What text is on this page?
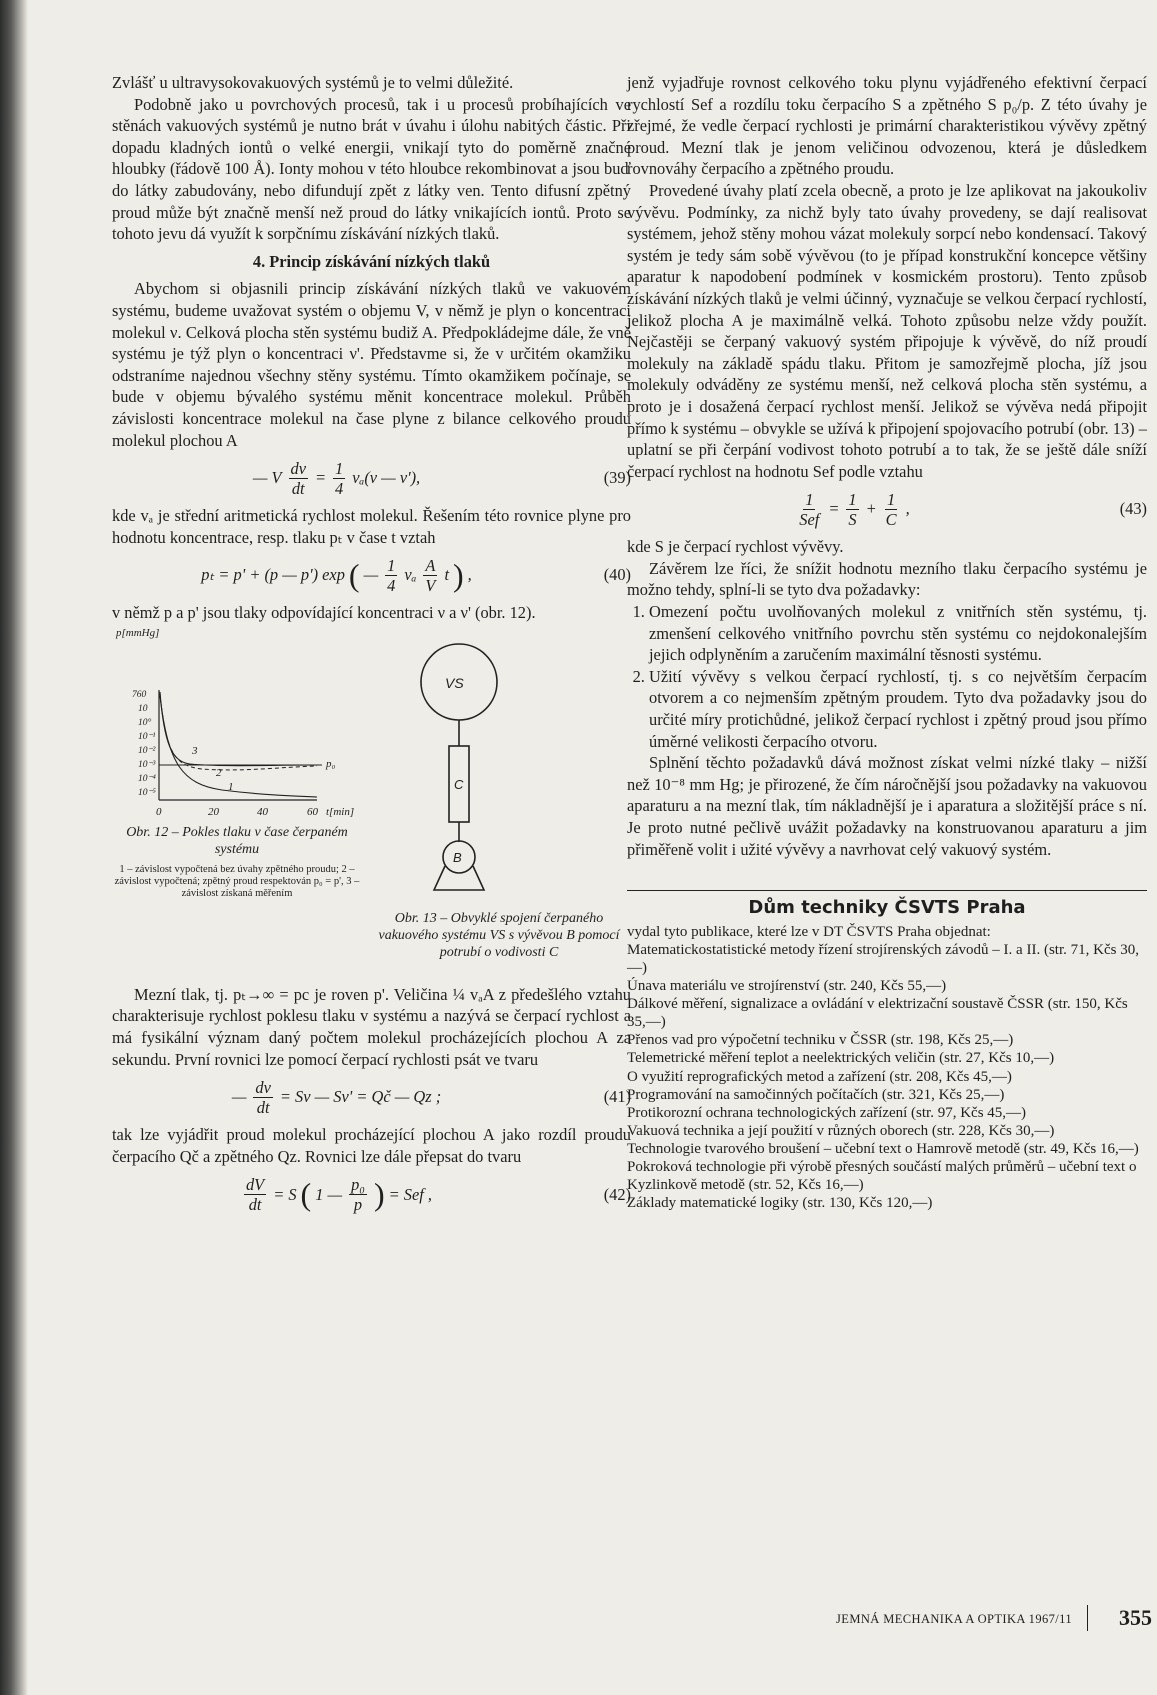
Zvlášť u ultravysokovakuových systémů je to velmi důležité.

Podobně jako u povrchových procesů, tak i u procesů probíhajících ve stěnách vakuových systémů je nutno brát v úvahu i úlohu nabitých částic. Při dopadu kladných iontů o velké energii, vnikají tyto do poměrně značné hloubky (řádově 100 Å). Ionty mohou v této hloubce rekombinovat a jsou buď do látky zabudovány, nebo difundují zpět z látky ven. Tento difusní zpětný proud může být značně menší než proud do látky vnikajících iontů. Proto se tohoto jevu dá využít k sorpčnímu získávání nízkých tlaků.

4. Princip získávání nízkých tlaků

Abychom si objasnili princip získávání nízkých tlaků ve vakuovém systému, budeme uvažovat systém o objemu V, v němž je plyn o koncentraci molekul ν. Celková plocha stěn systému budiž A. Předpokládejme dále, že vně systému je týž plyn o koncentraci ν'. Představme si, že v určitém okamžiku odstraníme najednou všechny stěny systému. Tímto okamžikem počínaje, se bude v objemu bývalého systému měnit koncentrace molekul. Průběh závislosti koncentrace molekul na čase plyne z bilance celkového proudu molekul plochou A

— V $\frac{d\nu}{dt} = \frac{1}{4} v_a(\nu$ — ν'),	(39)

kde vₐ je střední aritmetická rychlost molekul. Řešením této rovnice plyne pro hodnotu koncentrace, resp. tlaku pₜ v čase t vztah

pₜ = p' + (p — p') exp ( — $\frac{1}{4}$ vₐ $\frac{A}{V}$ t ) ,	(40)

v němž p a p' jsou tlaky odpovídající koncentraci ν a ν' (obr. 12).

p[mmHg]
760
10
10°
10⁻¹
10⁻²
10⁻³
10⁻⁴
10⁻⁵
0	20	40	60 t[min]
3
2
1
p₀
VS
C
B
Obr. 12 – Pokles tlaku v čase čerpaném systému
1 – závislost vypočtená bez úvahy zpětného proudu; 2 – závislost vypočtená; zpětný proud respektován p₀ = p', 3 – závislost získaná měřením
Obr. 13 – Obvyklé spojení čerpaného vakuového systému VS s vývěvou B pomocí potrubí o vodivosti C

Mezní tlak, tj. pₜ→∞ = pc je roven p'. Veličina ¼ vₐA z předešlého vztahu charakterisuje rychlost poklesu tlaku v systému a nazývá se čerpací rychlost a má fysikální význam daný počtem molekul procházejících plochou A za sekundu. První rovnici lze pomocí čerpací rychlosti psát ve tvaru

— $\frac{d\nu}{dt} = S\nu$ — Sν' = Qč — Qz ;	(41)

tak lze vyjádřit proud molekul procházející plochou A jako rozdíl proudu čerpacího Qč a zpětného Qz. Rovnici lze dále přepsat do tvaru

$\frac{dV}{dt} = S$ ( 1 — $\frac{\text{p₀}}{p}$ ) = Sef ,	(42)

jenž vyjadřuje rovnost celkového toku plynu vyjádřeného efektivní čerpací rychlostí Sef a rozdílu toku čerpacího S a zpětného S p₀/p. Z této úvahy je zřejmé, že vedle čerpací rychlosti je primární charakteristikou vývěvy zpětný proud. Mezní tlak je jenom veličinou odvozenou, která je důsledkem rovnováhy čerpacího a zpětného proudu.

Provedené úvahy platí zcela obecně, a proto je lze aplikovat na jakoukoliv vývěvu. Podmínky, za nichž byly tato úvahy provedeny, se dají realisovat systémem, jehož stěny mohou vázat molekuly sorpcí nebo kondensací. Takový systém je tedy sám sobě vývěvou (to je případ konstrukční koncepce většiny aparatur k napodobení podmínek v kosmickém prostoru). Tento způsob získávání nízkých tlaků je velmi účinný, vyznačuje se velkou čerpací rychlostí, jelikož plocha A je maximálně velká. Tohoto způsobu nelze vždy použít. Nejčastěji se čerpaný vakuový systém připojuje k vývěvě, do níž proudí molekuly na základě spádu tlaku. Přitom je samozřejmě plocha, jíž jsou molekuly odváděny ze systému menší, než celková plocha stěn systému, a proto je i dosažená čerpací rychlost menší. Jelikož se vývěva nedá připojit přímo k systému – obvykle se užívá k připojení spojovacího potrubí (obr. 13) – uplatní se při čerpání vodivost tohoto potrubí a to tak, že se ještě dále sníží čerpací rychlost na hodnotu Sef podle vztahu

$\frac{1}{\text{Sef}} = \frac{1}{S} + \frac{1}{C}$ ,	(43)

kde S je čerpací rychlost vývěvy.

Závěrem lze říci, že snížit hodnotu mezního tlaku čerpacího systému je možno tehdy, splní-li se tyto dva požadavky:

1. Omezení počtu uvolňovaných molekul z vnitřních stěn systému, tj. zmenšení celkového vnitřního povrchu stěn systému co nejdokonalejším jejich odplyněním a zaručením maximální těsnosti systému.
2. Užití vývěvy s velkou čerpací rychlostí, tj. s co největším čerpacím otvorem a co nejmenším zpětným proudem. Tyto dva požadavky jsou do určité míry protichůdné, jelikož čerpací rychlost i zpětný proud jsou přímo úměrné velikosti čerpacího otvoru.

Splnění těchto požadavků dává možnost získat velmi nízké tlaky – nižší než 10⁻⁸ mm Hg; je přirozené, že čím náročnější jsou požadavky na vakuovou aparaturu a na mezní tlak, tím nákladnější je i aparatura a složitější práce s ní. Je proto nutné pečlivě uvážit požadavky na konstruovanou aparaturu a jim přiměřeně volit i užité vývěvy a navrhovat celý vakuový systém.

Dům techniky ČSVTS Praha
vydal tyto publikace, které lze v DT ČSVTS Praha objednat:
Matematickostatistické metody řízení strojírenských závodů – I. a II. (str. 71, Kčs 30,—)
Únava materiálu ve strojírenství (str. 240, Kčs 55,—)
Dálkové měření, signalizace a ovládání v elektrizační soustavě ČSSR (str. 150, Kčs 35,—)
Přenos vad pro výpočetní techniku v ČSSR (str. 198, Kčs 25,—)
Telemetrické měření teplot a neelektrických veličin (str. 27, Kčs 10,—)
O využití reprografických metod a zařízení (str. 208, Kčs 45,—)
Programování na samočinných počítačích (str. 321, Kčs 25,—)
Protikorozní ochrana technologických zařízení (str. 97, Kčs 45,—)
Vakuová technika a její použití v různých oborech (str. 228, Kčs 30,—)
Technologie tvarového broušení – učební text o Hamrově metodě (str. 49, Kčs 16,—)
Pokroková technologie při výrobě přesných součástí malých průměrů – učební text o Kyzlinkově metodě (str. 52, Kčs 16,—)
Základy matematické logiky (str. 130, Kčs 120,—)
JEMNÁ MECHANIKA A OPTIKA 1967/11 355
